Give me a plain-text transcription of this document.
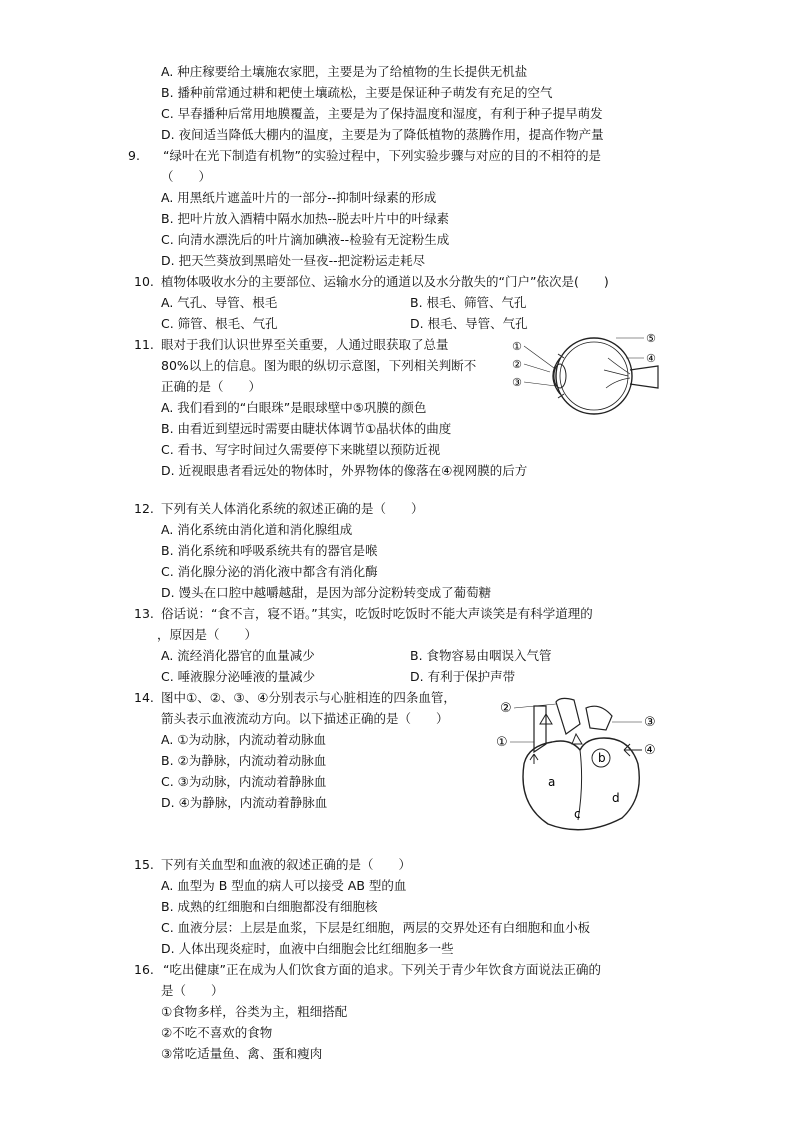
A. 种庄稼要给土壤施农家肥，主要是为了给植物的生长提供无机盐
B. 播种前常通过耕和耙使土壤疏松，主要是保证种子萌发有充足的空气
C. 早春播种后常用地膜覆盖，主要是为了保持温度和湿度，有利于种子提早萌发
D. 夜间适当降低大棚内的温度，主要是为了降低植物的蒸腾作用，提高作物产量
9. “绿叶在光下制造有机物”的实验过程中，下列实验步骤与对应的目的不相符的是
（　　）
A. 用黑纸片遮盖叶片的一部分--抑制叶绿素的形成
B. 把叶片放入酒精中隔水加热--脱去叶片中的叶绿素
C. 向清水漂洗后的叶片滴加碘液--检验有无淀粉生成
D. 把天竺葵放到黑暗处一昼夜--把淀粉运走耗尽
10. 植物体吸收水分的主要部位、运输水分的通道以及水分散失的“门户”依次是(　　)
A. 气孔、导管、根毛	B. 根毛、筛管、气孔
C. 筛管、根毛、气孔	D. 根毛、导管、气孔
11. 眼对于我们认识世界至关重要，人通过眼获取了总量
80%以上的信息。图为眼的纵切示意图，下列相关判断不
正确的是（　　）
A. 我们看到的“白眼珠”是眼球壁中⑤巩膜的颜色
B. 由看近到望远时需要由睫状体调节①晶状体的曲度
C. 看书、写字时间过久需要停下来眺望以预防近视
D. 近视眼患者看远处的物体时，外界物体的像落在④视网膜的后方
①
②
③
④
⑤
12. 下列有关人体消化系统的叙述正确的是（　　）
A. 消化系统由消化道和消化腺组成
B. 消化系统和呼吸系统共有的器官是喉
C. 消化腺分泌的消化液中都含有消化酶
D. 馒头在口腔中越嚼越甜，是因为部分淀粉转变成了葡萄糖
13. 俗话说：“食不言，寝不语。”其实，吃饭时吃饭时不能大声谈笑是有科学道理的
，原因是（　　）
A. 流经消化器官的血量减少	B. 食物容易由咽误入气管
C. 唾液腺分泌唾液的量减少	D. 有利于保护声带
14. 图中①、②、③、④分别表示与心脏相连的四条血管，
箭头表示血液流动方向。以下描述正确的是（　　）
A. ①为动脉，内流动着动脉血
B. ②为静脉，内流动着动脉血
C. ③为动脉，内流动着静脉血
D. ④为静脉，内流动着静脉血
①
②
③
④
a
b
c
d
15. 下列有关血型和血液的叙述正确的是（　　）
A. 血型为 B 型血的病人可以接受 AB 型的血
B. 成熟的红细胞和白细胞都没有细胞核
C. 血液分层：上层是血浆，下层是红细胞，两层的交界处还有白细胞和血小板
D. 人体出现炎症时，血液中白细胞会比红细胞多一些
16. “吃出健康”正在成为人们饮食方面的追求。下列关于青少年饮食方面说法正确的
是（　　）
①食物多样，谷类为主，粗细搭配
②不吃不喜欢的食物
③常吃适量鱼、禽、蛋和瘦肉
